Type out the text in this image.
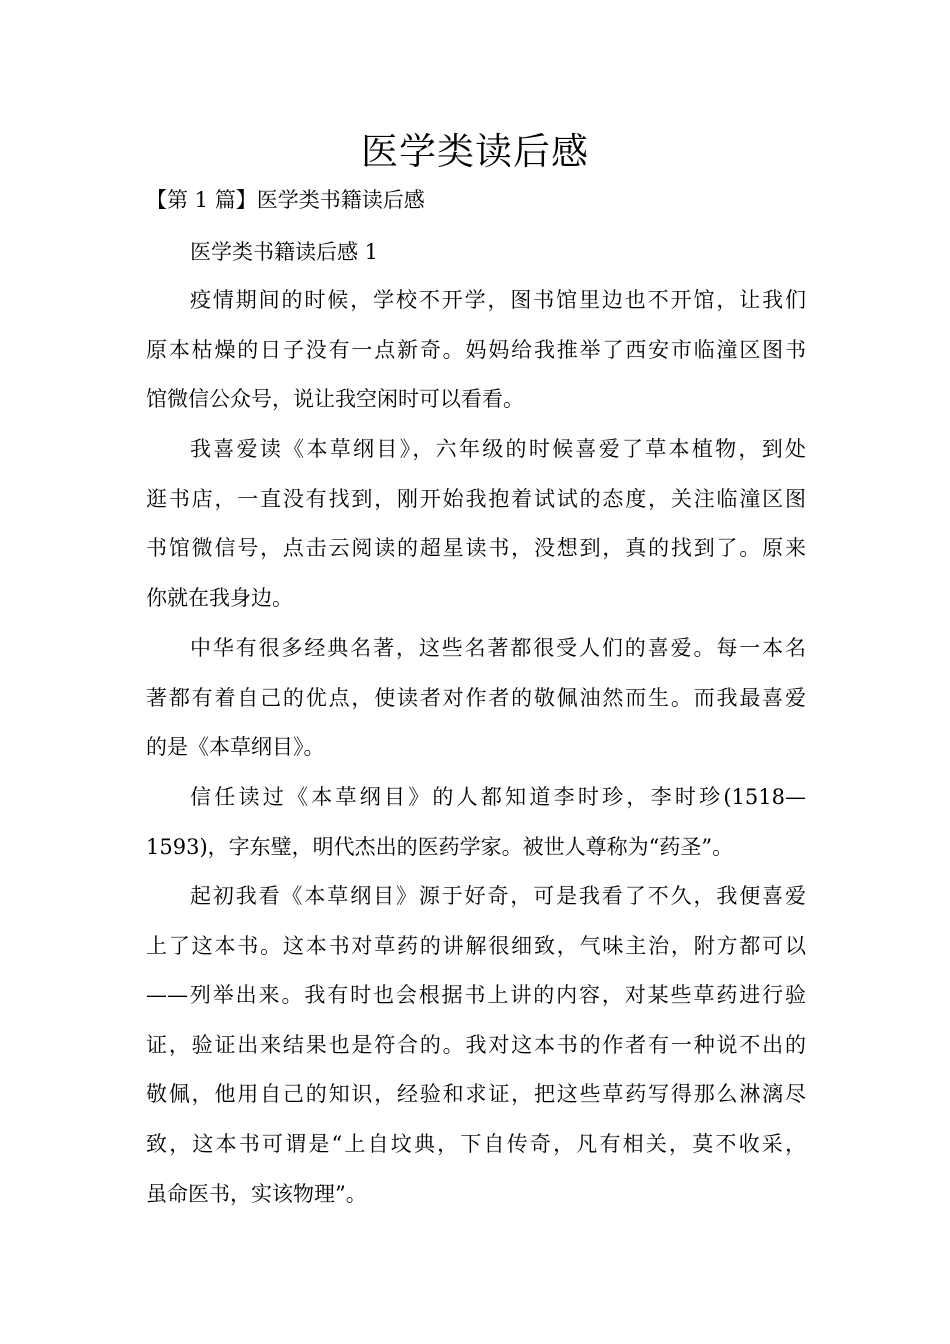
医学类读后感
【第 1 篇】医学类书籍读后感
医学类书籍读后感 1
疫情期间的时候，学校不开学，图书馆里边也不开馆，让我们
原本枯燥的日子没有一点新奇。妈妈给我推举了西安市临潼区图书
馆微信公众号，说让我空闲时可以看看。
我喜爱读《本草纲目》，六年级的时候喜爱了草本植物，到处
逛书店，一直没有找到，刚开始我抱着试试的态度，关注临潼区图
书馆微信号，点击云阅读的超星读书，没想到，真的找到了。原来
你就在我身边。
中华有很多经典名著，这些名著都很受人们的喜爱。每一本名
著都有着自己的优点，使读者对作者的敬佩油然而生。而我最喜爱
的是《本草纲目》。
信任读过《本草纲目》的人都知道李时珍，李时珍(1518—
1593)，字东璧，明代杰出的医药学家。被世人尊称为“药圣”。
起初我看《本草纲目》源于好奇，可是我看了不久，我便喜爱
上了这本书。这本书对草药的讲解很细致，气味主治，附方都可以
——列举出来。我有时也会根据书上讲的内容，对某些草药进行验
证，验证出来结果也是符合的。我对这本书的作者有一种说不出的
敬佩，他用自己的知识，经验和求证，把这些草药写得那么淋漓尽
致，这本书可谓是“上自坟典，下自传奇，凡有相关，莫不收采，
虽命医书，实该物理”。
